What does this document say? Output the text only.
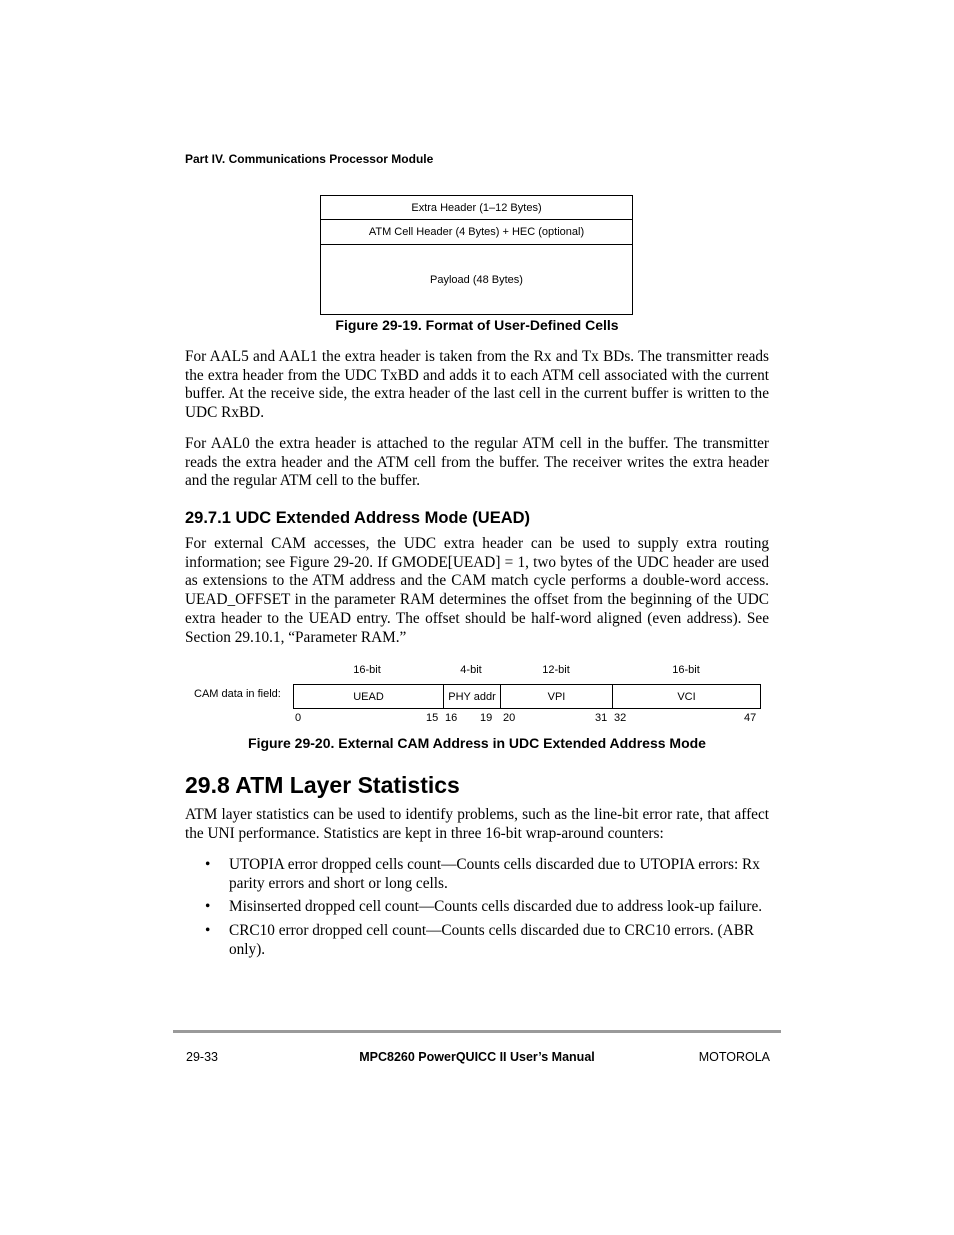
Part IV. Communications Processor Module
Extra Header (1–12 Bytes)
ATM Cell Header (4 Bytes) + HEC (optional)
Payload (48 Bytes)
Figure 29-19. Format of User-Defined Cells

For AAL5 and AAL1 the extra header is taken from the Rx and Tx BDs. The transmitter reads the extra header from the UDC TxBD and adds it to each ATM cell associated with the current buffer. At the receive side, the extra header of the last cell in the current buffer is written to the UDC RxBD.

For AAL0 the extra header is attached to the regular ATM cell in the buffer. The transmitter reads the extra header and the ATM cell from the buffer. The receiver writes the extra header and the regular ATM cell to the buffer.

29.7.1 UDC Extended Address Mode (UEAD)

For external CAM accesses, the UDC extra header can be used to supply extra routing information; see Figure 29-20. If GMODE[UEAD] = 1, two bytes of the UDC header are used as extensions to the ATM address and the CAM match cycle performs a double-word access. UEAD_OFFSET in the parameter RAM determines the offset from the beginning of the UDC extra header to the UEAD entry. The offset should be half-word aligned (even address). See Section 29.10.1, “Parameter RAM.”

16-bit	4-bit	12-bit	16-bit
CAM data in field:	UEAD	PHY addr	VPI	VCI
0	15 16 19 20	31 32	47
Figure 29-20. External CAM Address in UDC Extended Address Mode
29.8 ATM Layer Statistics

ATM layer statistics can be used to identify problems, such as the line-bit error rate, that affect the UNI performance. Statistics are kept in three 16-bit wrap-around counters:

• UTOPIA error dropped cells count—Counts cells discarded due to UTOPIA errors: Rx parity errors and short or long cells.
• Misinserted dropped cell count—Counts cells discarded due to address look-up failure.
• CRC10 error dropped cell count—Counts cells discarded due to CRC10 errors. (ABR only).
29-33	MPC8260 PowerQUICC II User’s Manual	MOTOROLA
